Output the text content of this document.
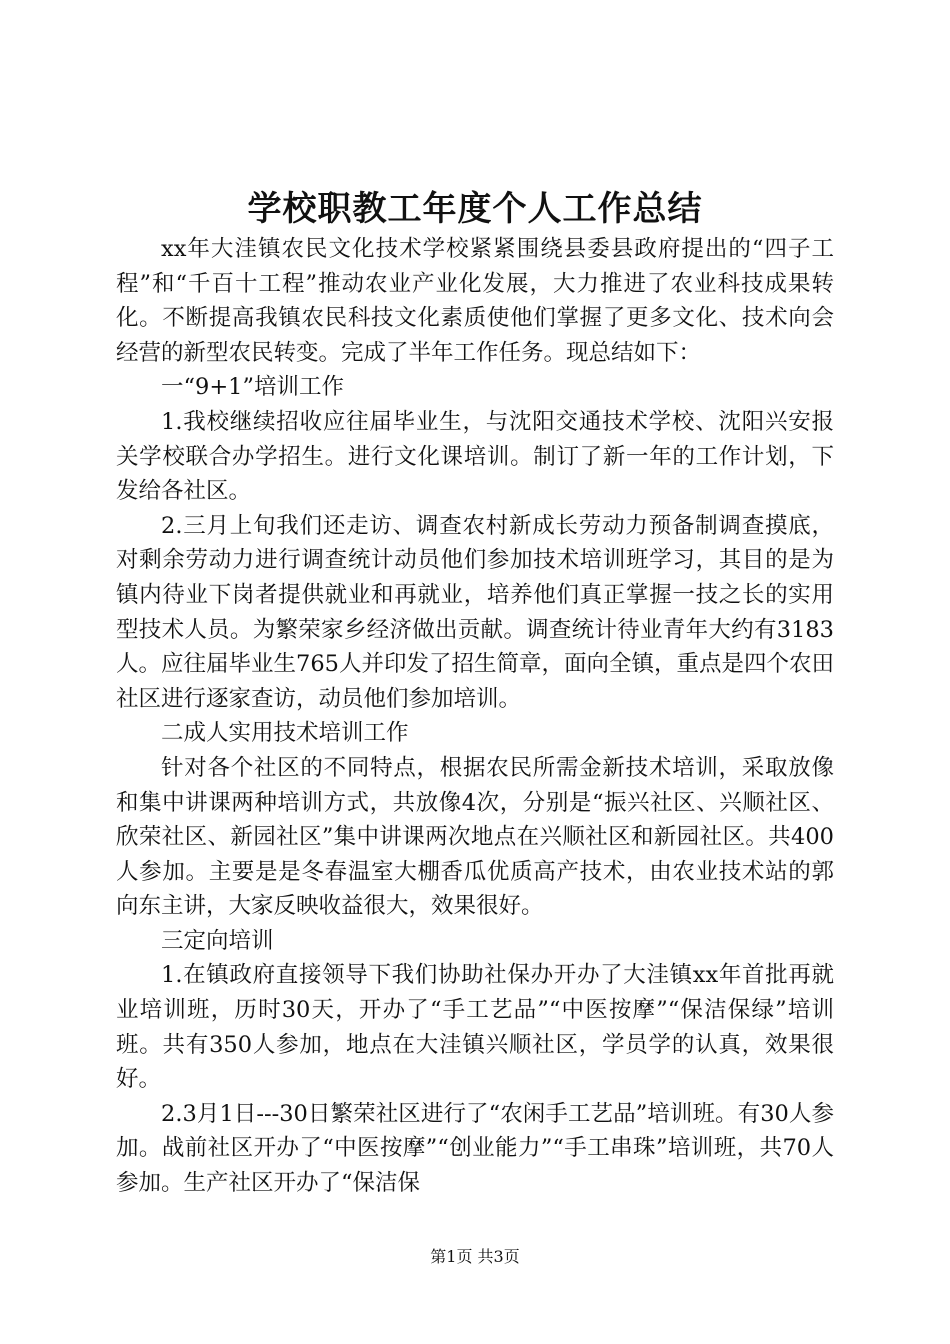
学校职教工年度个人工作总结

xx年大洼镇农民文化技术学校紧紧围绕县委县政府提出的“四子工程”和“千百十工程”推动农业产业化发展，大力推进了农业科技成果转化。不断提高我镇农民科技文化素质使他们掌握了更多文化、技术向会经营的新型农民转变。完成了半年工作任务。现总结如下：

一“9+1”培训工作

1.我校继续招收应往届毕业生，与沈阳交通技术学校、沈阳兴安报关学校联合办学招生。进行文化课培训。制订了新一年的工作计划，下发给各社区。

2.三月上旬我们还走访、调查农村新成长劳动力预备制调查摸底，对剩余劳动力进行调查统计动员他们参加技术培训班学习，其目的是为镇内待业下岗者提供就业和再就业，培养他们真正掌握一技之长的实用型技术人员。为繁荣家乡经济做出贡献。调查统计待业青年大约有3183人。应往届毕业生765人并印发了招生简章，面向全镇，重点是四个农田社区进行逐家查访，动员他们参加培训。

二成人实用技术培训工作

针对各个社区的不同特点，根据农民所需金新技术培训，采取放像和集中讲课两种培训方式，共放像4次，分别是“振兴社区、兴顺社区、欣荣社区、新园社区”集中讲课两次地点在兴顺社区和新园社区。共400人参加。主要是是冬春温室大棚香瓜优质高产技术，由农业技术站的郭向东主讲，大家反映收益很大，效果很好。

三定向培训

1.在镇政府直接领导下我们协助社保办开办了大洼镇xx年首批再就业培训班，历时30天，开办了“手工艺品”“中医按摩”“保洁保绿”培训班。共有350人参加，地点在大洼镇兴顺社区，学员学的认真，效果很好。

2.3月1日---30日繁荣社区进行了“农闲手工艺品”培训班。有30人参加。战前社区开办了“中医按摩”“创业能力”“手工串珠”培训班，共70人参加。生产社区开办了“保洁保

第1页 共3页
